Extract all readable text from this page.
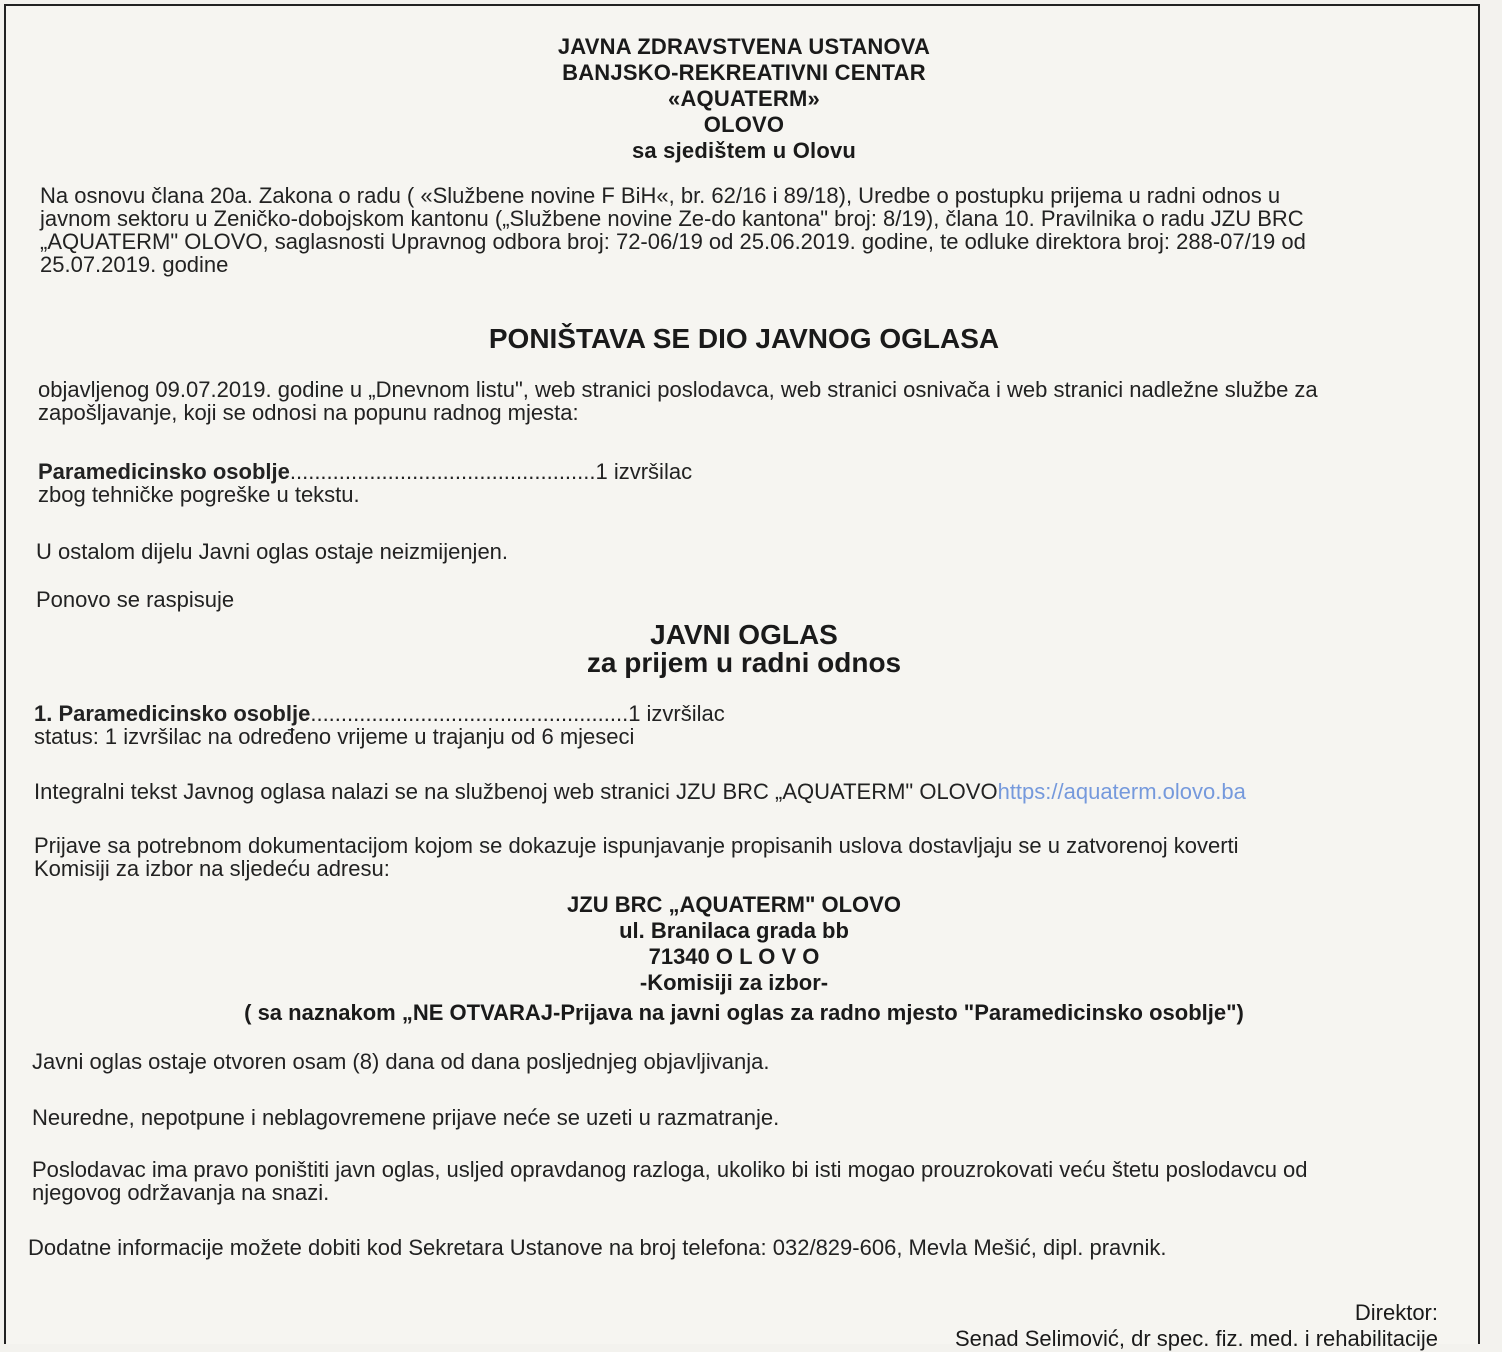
JAVNA ZDRAVSTVENA USTANOVA
BANJSKO-REKREATIVNI CENTAR
«AQUATERM»
OLOVO
sa sjedištem u Olovu
Na osnovu člana 20a. Zakona o radu ( «Službene novine F BiH«, br. 62/16 i 89/18), Uredbe o postupku prijema u radni odnos u
javnom sektoru u Zeničko-dobojskom kantonu („Službene novine Ze-do kantona" broj: 8/19), člana 10. Pravilnika o radu JZU BRC
„AQUATERM" OLOVO, saglasnosti Upravnog odbora broj: 72-06/19 od 25.06.2019. godine, te odluke direktora broj: 288-07/19 od
25.07.2019. godine
PONIŠTAVA SE DIO JAVNOG OGLASA
objavljenog 09.07.2019. godine u „Dnevnom listu", web stranici poslodavca, web stranici osnivača i web stranici nadležne službe za
zapošljavanje, koji se odnosi na popunu radnog mjesta:
Paramedicinsko osoblje..................................................1 izvršilac
zbog tehničke pogreške u tekstu.
U ostalom dijelu Javni oglas ostaje neizmijenjen.
Ponovo se raspisuje
JAVNI OGLAS
za prijem u radni odnos
1. Paramedicinsko osoblje....................................................1 izvršilac
status: 1 izvršilac na određeno vrijeme u trajanju od 6 mjeseci
Integralni tekst Javnog oglasa nalazi se na službenoj web stranici JZU BRC „AQUATERM" OLOVOhttps://aquaterm.olovo.ba
Prijave sa potrebnom dokumentacijom kojom se dokazuje ispunjavanje propisanih uslova dostavljaju se u zatvorenoj koverti
Komisiji za izbor na sljedeću adresu:
JZU BRC „AQUATERM" OLOVO
ul. Branilaca grada bb
71340 O L O V O
-Komisiji za izbor-
( sa naznakom „NE OTVARAJ-Prijava na javni oglas za radno mjesto "Paramedicinsko osoblje")
Javni oglas ostaje otvoren osam (8) dana od dana posljednjeg objavljivanja.
Neuredne, nepotpune i neblagovremene prijave neće se uzeti u razmatranje.
Poslodavac ima pravo poništiti javn oglas, usljed opravdanog razloga, ukoliko bi isti mogao prouzrokovati veću štetu poslodavcu od
njegovog održavanja na snazi.
Dodatne informacije možete dobiti kod Sekretara Ustanove na broj telefona: 032/829-606, Mevla Mešić, dipl. pravnik.
Direktor:
Senad Selimović, dr spec. fiz. med. i rehabilitacije
